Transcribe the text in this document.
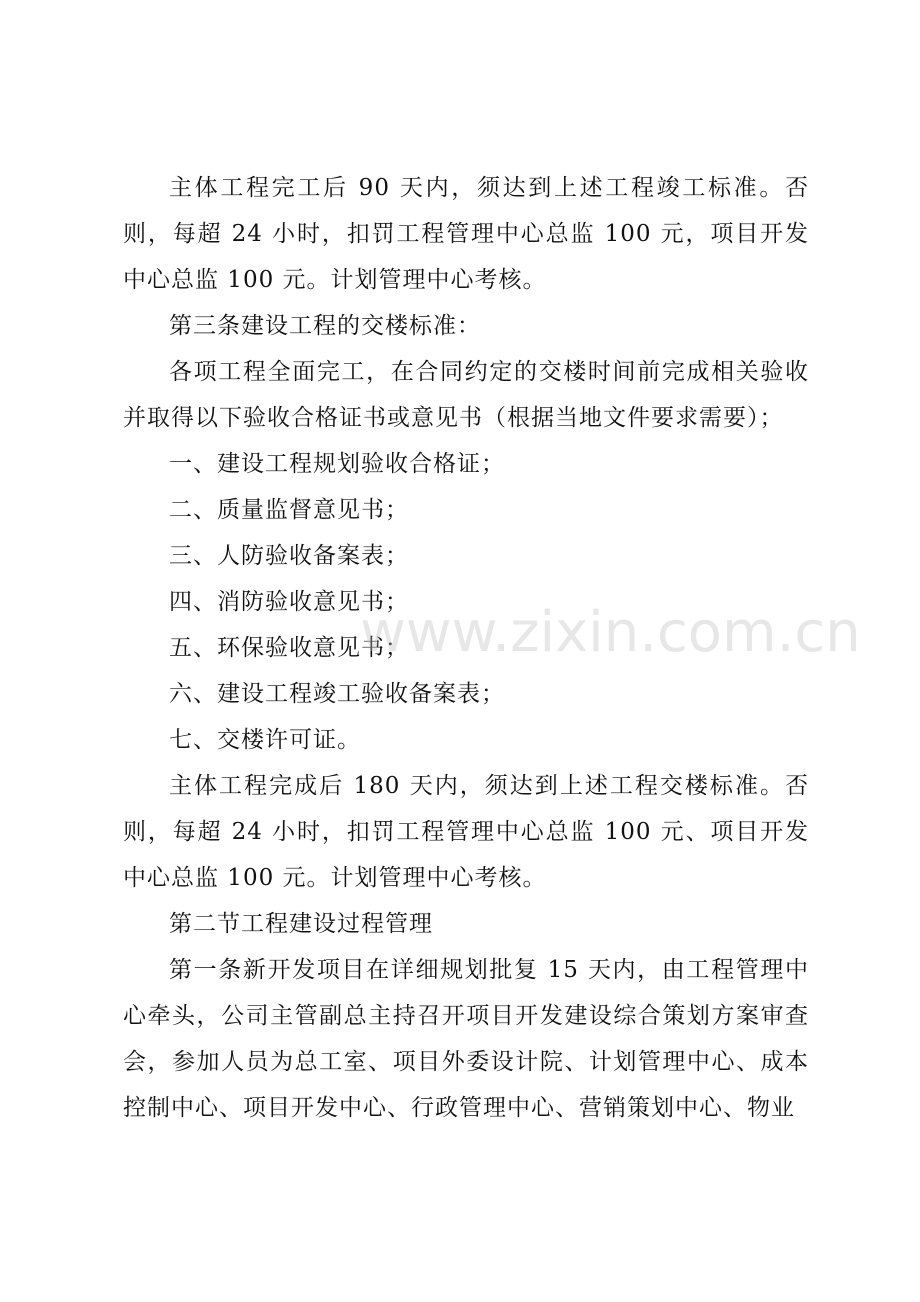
主体工程完工后 90 天内，须达到上述工程竣工标准。否则，每超 24 小时，扣罚工程管理中心总监 100 元，项目开发中心总监 100 元。计划管理中心考核。

第三条建设工程的交楼标准：

各项工程全面完工，在合同约定的交楼时间前完成相关验收并取得以下验收合格证书或意见书（根据当地文件要求需要）；

一、建设工程规划验收合格证；

二、质量监督意见书；

三、人防验收备案表；

四、消防验收意见书；

五、环保验收意见书；

六、建设工程竣工验收备案表；

七、交楼许可证。

主体工程完成后 180 天内，须达到上述工程交楼标准。否则，每超 24 小时，扣罚工程管理中心总监 100 元、项目开发中心总监 100 元。计划管理中心考核。

第二节工程建设过程管理

第一条新开发项目在详细规划批复 15 天内，由工程管理中心牵头，公司主管副总主持召开项目开发建设综合策划方案审查会，参加人员为总工室、项目外委设计院、计划管理中心、成本控制中心、项目开发中心、行政管理中心、营销策划中心、物业

www.zixin.com.cn
